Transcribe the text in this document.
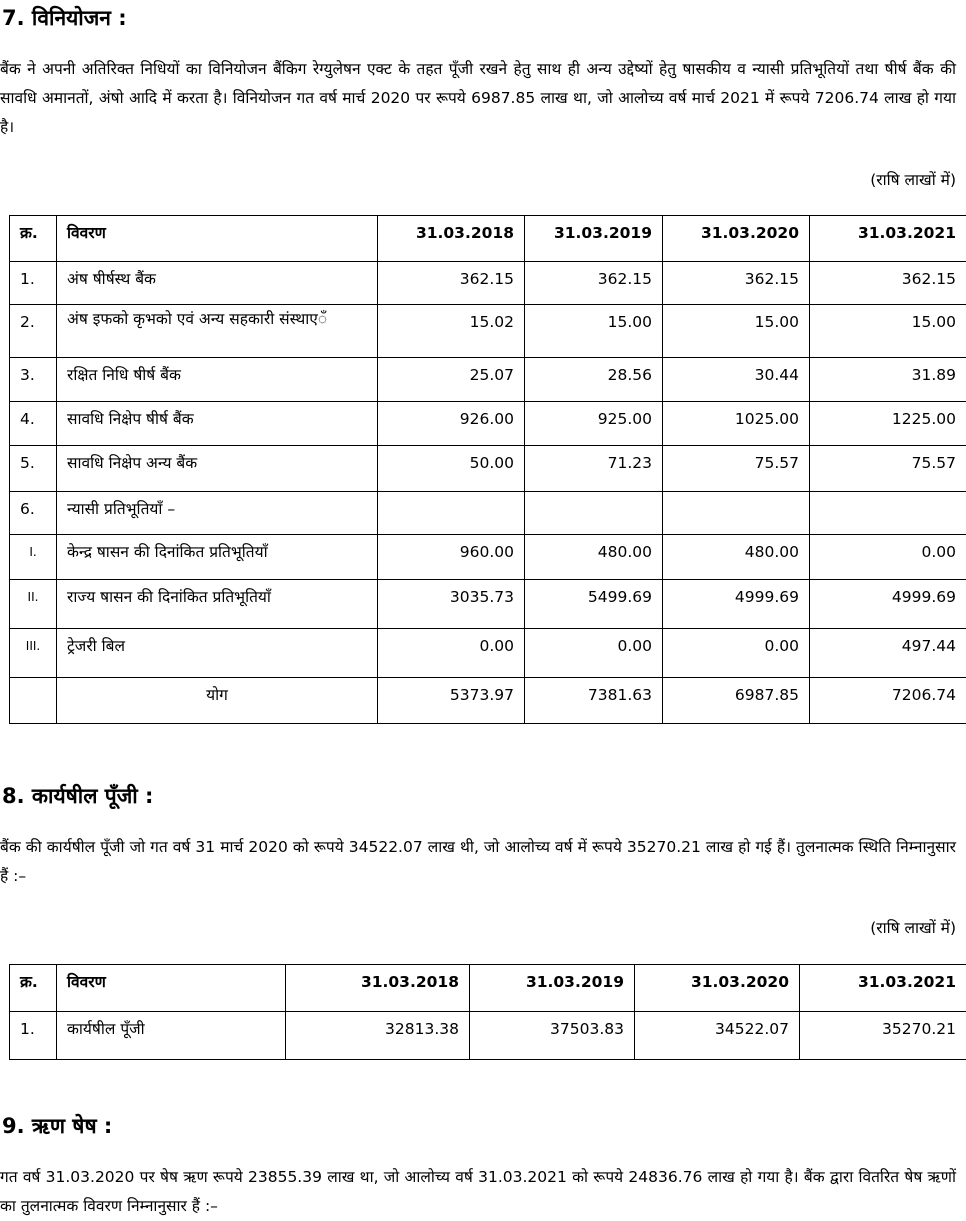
7. विनियोजन :

बैंक ने अपनी अतिरिक्त निधियों का विनियोजन बैंकिग रेग्युलेषन एक्ट के तहत पूॅंजी रखने हेतु साथ ही अन्य उद्देष्यों हेतु षासकीय व न्यासी प्रतिभूतियों तथा षीर्ष बैंक की सावधि अमानतों, अंषो आदि में करता है। विनियोजन गत वर्ष मार्च 2020 पर रूपये 6987.85 लाख था, जो आलोच्य वर्ष मार्च 2021 में रूपये 7206.74 लाख हो गया है।

(राषि लाखों में)

क्र.	विवरण	31.03.2018	31.03.2019	31.03.2020	31.03.2021
1.	अंष षीर्षस्थ बैंक	362.15	362.15	362.15	362.15
2.	अंष इफको कृभको एवं अन्य सहकारी संस्थाएॅं	15.02	15.00	15.00	15.00
3.	रक्षित निधि षीर्ष बैंक	25.07	28.56	30.44	31.89
4.	सावधि निक्षेप षीर्ष बैंक	926.00	925.00	1025.00	1225.00
5.	सावधि निक्षेप अन्य बैंक	50.00	71.23	75.57	75.57
6.	न्यासी प्रतिभूतियॉं –				
I.	केन्द्र षासन की दिनांकित प्रतिभूतियॉं	960.00	480.00	480.00	0.00
II.	राज्य षासन की दिनांकित प्रतिभूतियॉं	3035.73	5499.69	4999.69	4999.69
III.	ट्रेजरी बिल	0.00	0.00	0.00	497.44
	योग	5373.97	7381.63	6987.85	7206.74
8. कार्यषील पूॅंजी :

बैंक की कार्यषील पूॅंजी जो गत वर्ष 31 मार्च 2020 को रूपये 34522.07 लाख थी, जो आलोच्य वर्ष में रूपये 35270.21 लाख हो गई हैं। तुलनात्मक स्थिति निम्नानुसार हैं :–

(राषि लाखों में)

क्र.	विवरण	31.03.2018	31.03.2019	31.03.2020	31.03.2021
1.	कार्यषील पूॅंजी	32813.38	37503.83	34522.07	35270.21
9. ऋण षेष :

गत वर्ष 31.03.2020 पर षेष ऋण रूपये 23855.39 लाख था, जो आलोच्य वर्ष 31.03.2021 को रूपये 24836.76 लाख हो गया है। बैंक द्वारा वितरित षेष ऋणों का तुलनात्मक विवरण निम्नानुसार हैं :–
